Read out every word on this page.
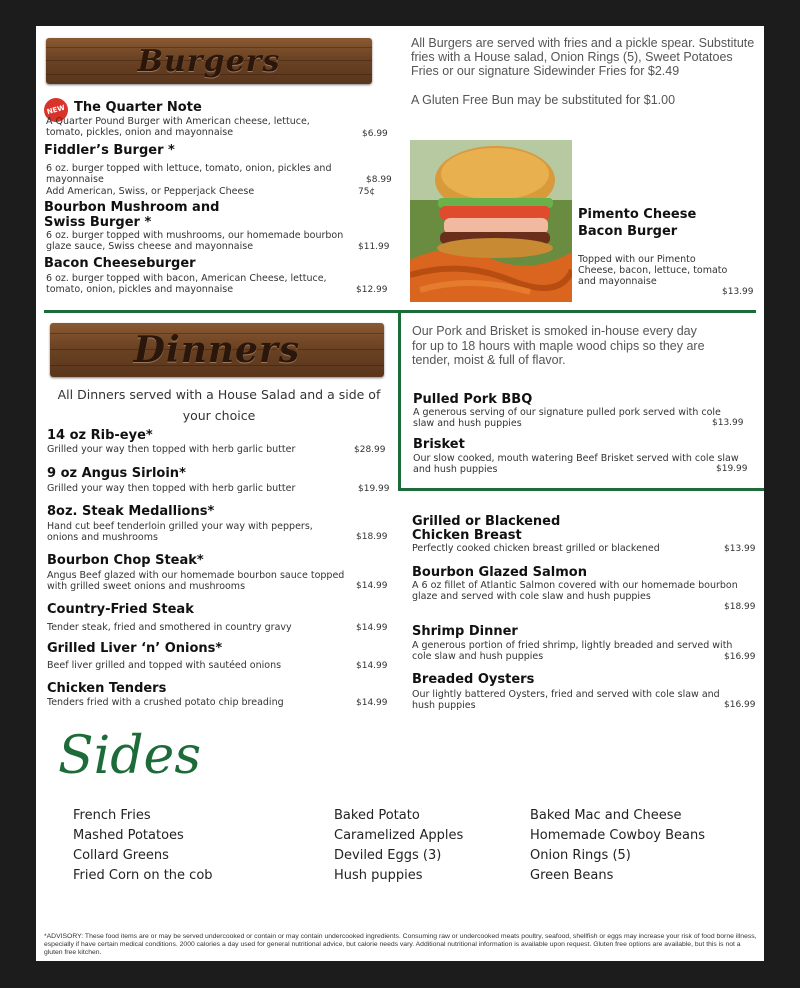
Burgers
All Burgers are served with fries and a pickle spear. Substitute fries with a House salad, Onion Rings (5), Sweet Potatoes Fries or our signature Sidewinder Fries for $2.49
A Gluten Free Bun may be substituted for $1.00
NEW The Quarter Note
A Quarter Pound Burger with American cheese, lettuce, tomato, pickles, onion and mayonnaise	$6.99
Fiddler’s Burger *
6 oz. burger topped with lettuce, tomato, onion, pickles and mayonnaise	$8.99
Add American, Swiss, or Pepperjack Cheese	75¢
Bourbon Mushroom and Swiss Burger *
6 oz. burger topped with mushrooms, our homemade bourbon glaze sauce, Swiss cheese and mayonnaise	$11.99
Bacon Cheeseburger
6 oz. burger topped with bacon, American Cheese, lettuce, tomato, onion, pickles and mayonnaise	$12.99
Pimento Cheese Bacon Burger
Topped with our Pimento Cheese, bacon, lettuce, tomato and mayonnaise
$13.99
Dinners
All Dinners served with a House Salad and a side of your choice
14 oz Rib-eye*
Grilled your way then topped with herb garlic butter	$28.99
9 oz Angus Sirloin*
Grilled your way then topped with herb garlic butter	$19.99
8oz. Steak Medallions*
Hand cut beef tenderloin grilled your way with peppers, onions and mushrooms	$18.99
Bourbon Chop Steak*
Angus Beef glazed with our homemade bourbon sauce topped with grilled sweet onions and mushrooms	$14.99
Country-Fried Steak
Tender steak, fried and smothered in country gravy	$14.99
Grilled Liver ‘n’ Onions*
Beef liver grilled and topped with sautéed onions	$14.99
Chicken Tenders
Tenders fried with a crushed potato chip breading	$14.99
Our Pork and Brisket is smoked in-house every day for up to 18 hours with maple wood chips so they are tender, moist & full of flavor.
Pulled Pork BBQ
A generous serving of our signature pulled pork served with cole slaw and hush puppies	$13.99
Brisket
Our slow cooked, mouth watering Beef Brisket served with cole slaw and hush puppies	$19.99
Grilled or Blackened Chicken Breast
Perfectly cooked chicken breast grilled or blackened	$13.99
Bourbon Glazed Salmon
A 6 oz fillet of Atlantic Salmon covered with our homemade bourbon glaze and served with cole slaw and hush puppies
$18.99
Shrimp Dinner
A generous portion of fried shrimp, lightly breaded and served with cole slaw and hush puppies	$16.99
Breaded Oysters
Our lightly battered Oysters, fried and served with cole slaw and hush puppies	$16.99
Sides
French Fries
Mashed Potatoes
Collard Greens
Fried Corn on the cob
Baked Potato
Caramelized Apples
Deviled Eggs (3)
Hush puppies
Baked Mac and Cheese
Homemade Cowboy Beans
Onion Rings (5)
Green Beans
*ADVISORY: These food items are or may be served undercooked or contain or may contain undercooked ingredients. Consuming raw or undercooked meats poultry, seafood, shellfish or eggs may increase your risk of food borne illness, especially if have certain medical conditions. 2000 calories a day used for general nutritional advice, but calorie needs vary. Additional nutritional information is available upon request. Gluten free options are available, but this is not a gluten free kitchen.
